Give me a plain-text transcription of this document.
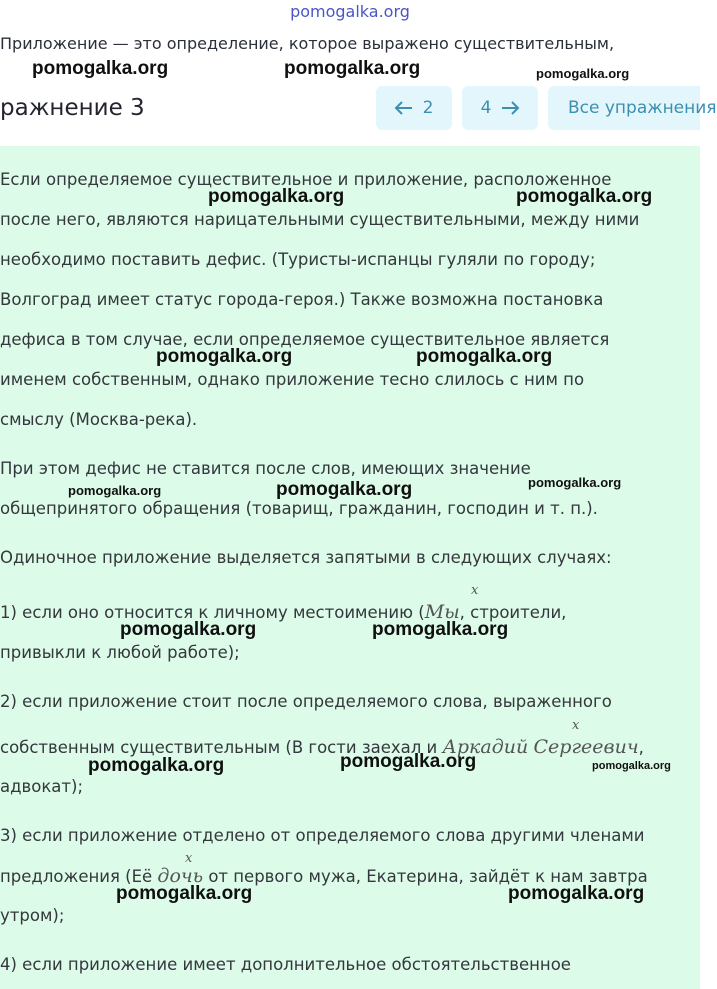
pomogalka.org
Приложение — это определение, которое выражено существительным,
ражнение 3	2	4	Все упражнения
Если определяемое существительное и приложение, расположенное
после него, являются нарицательными существительными, между ними
необходимо поставить дефис. (Туристы-испанцы гуляли по городу;
Волгоград имеет статус города-героя.) Также возможна постановка
дефиса в том случае, если определяемое существительное является
именем собственным, однако приложение тесно слилось с ним по
смыслу (Москва-река).
При этом дефис не ставится после слов, имеющих значение
общепринятого обращения (товарищ, гражданин, господин и т. п.).
Одиночное приложение выделяется запятыми в следующих случаях:
x
1) если оно относится к личному местоимению (Мы, строители,
привыкли к любой работе);
2) если приложение стоит после определяемого слова, выраженного
x
собственным существительным (В гости заехал и Аркадий Сергеевич,
адвокат);
3) если приложение отделено от определяемого слова другими членами
x
предложения (Её дочь от первого мужа, Екатерина, зайдёт к нам завтра
утром);
4) если приложение имеет дополнительное обстоятельственное
pomogalka.org	pomogalka.org	pomogalka.org
pomogalka.org	pomogalka.org
pomogalka.org	pomogalka.org
pomogalka.org	pomogalka.org	pomogalka.org
pomogalka.org	pomogalka.org
pomogalka.org	pomogalka.org	pomogalka.org
pomogalka.org	pomogalka.org
